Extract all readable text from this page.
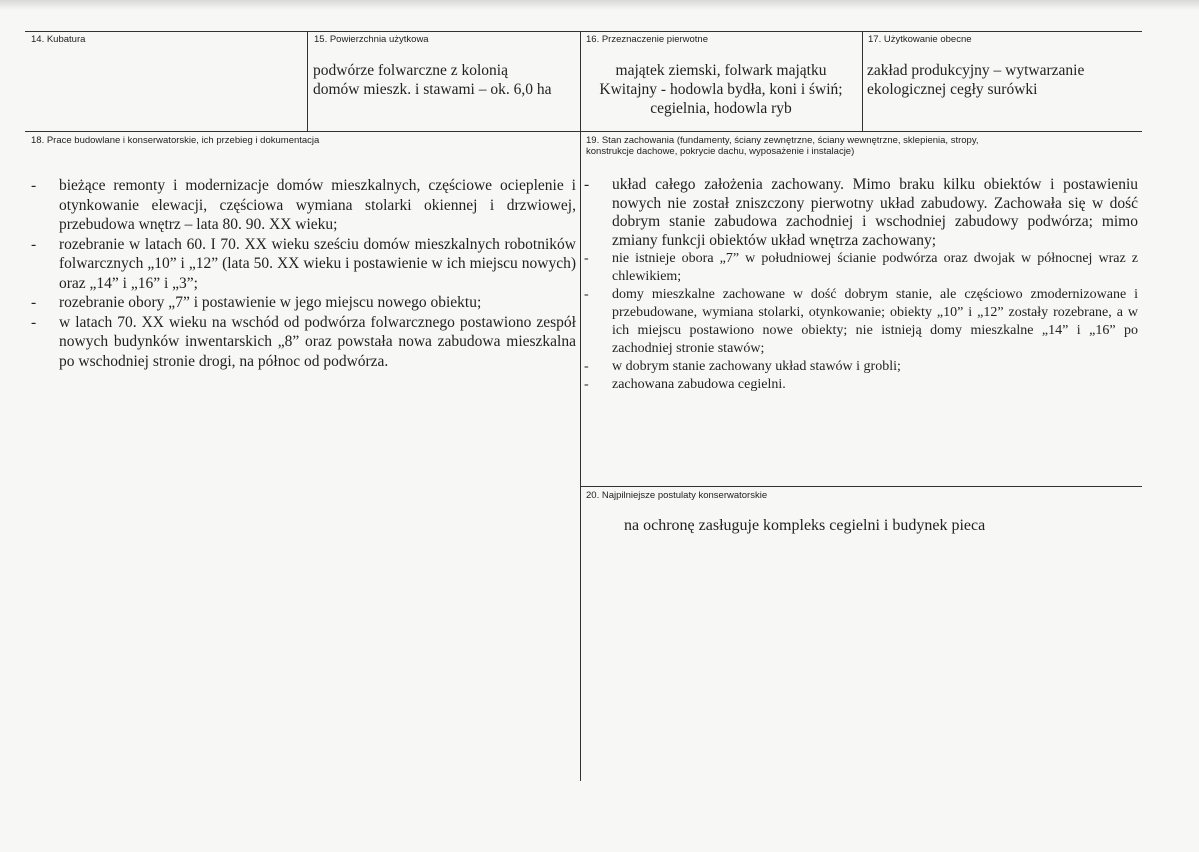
14. Kubatura	15. Powierzchnia użytkowa
podwórze folwarczne z kolonią
domów mieszk. i stawami – ok. 6,0 ha
16. Przeznaczenie pierwotne
majątek ziemski, folwark majątku
Kwitajny - hodowla bydła, koni i świń;
cegielnia, hodowla ryb
17. Użytkowanie obecne
zakład produkcyjny – wytwarzanie
ekologicznej cegły surówki
18. Prace budowlane i konserwatorskie, ich przebieg i dokumentacja
- bieżące remonty i modernizacje domów mieszkalnych, częściowe ocieplenie i otynkowanie elewacji, częściowa wymiana stolarki okiennej i drzwiowej, przebudowa wnętrz – lata 80. 90. XX wieku;
- rozebranie w latach 60. I 70. XX wieku sześciu domów mieszkalnych robotników folwarcznych „10” i „12” (lata 50. XX wieku i postawienie w ich miejscu nowych) oraz „14” i „16” i „3”;
- rozebranie obory „7” i postawienie w jego miejscu nowego obiektu;
- w latach 70. XX wieku na wschód od podwórza folwarcznego postawiono zespół nowych budynków inwentarskich „8” oraz powstała nowa zabudowa mieszkalna po wschodniej stronie drogi, na północ od podwórza.
19. Stan zachowania (fundamenty, ściany zewnętrzne, ściany wewnętrzne, sklepienia, stropy,
konstrukcje dachowe, pokrycie dachu, wyposażenie i instalacje)
- układ całego założenia zachowany. Mimo braku kilku obiektów i postawieniu nowych nie został zniszczony pierwotny układ zabudowy. Zachowała się w dość dobrym stanie zabudowa zachodniej i wschodniej zabudowy podwórza; mimo zmiany funkcji obiektów układ wnętrza zachowany;
- nie istnieje obora „7” w południowej ścianie podwórza oraz dwojak w północnej wraz z chlewikiem;
- domy mieszkalne zachowane w dość dobrym stanie, ale częściowo zmodernizowane i przebudowane, wymiana stolarki, otynkowanie; obiekty „10” i „12” zostały rozebrane, a w ich miejscu postawiono nowe obiekty; nie istnieją domy mieszkalne „14” i „16” po zachodniej stronie stawów;
- w dobrym stanie zachowany układ stawów i grobli;
- zachowana zabudowa cegielni.
20. Najpilniejsze postulaty konserwatorskie
na ochronę zasługuje kompleks cegielni i budynek pieca
